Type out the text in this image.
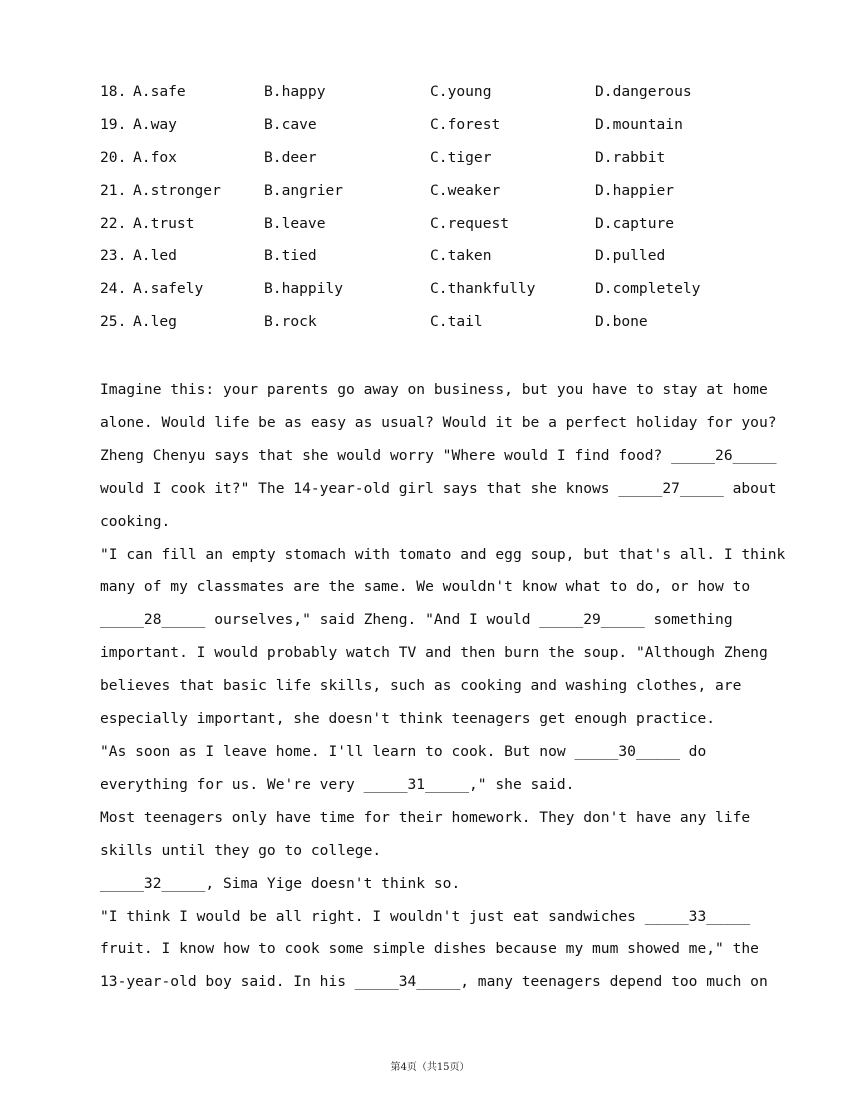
18. A.safe	B.happy	C.young	D.dangerous
19. A.way	B.cave	C.forest	D.mountain
20. A.fox	B.deer	C.tiger	D.rabbit
21. A.stronger	B.angrier	C.weaker	D.happier
22. A.trust	B.leave	C.request	D.capture
23. A.led	B.tied	C.taken	D.pulled
24. A.safely	B.happily	C.thankfully	D.completely
25. A.leg	B.rock	C.tail	D.bone

Imagine this: your parents go away on business, but you have to stay at home

alone. Would life be as easy as usual? Would it be a perfect holiday for you?

Zheng Chenyu says that she would worry "Where would I find food? _____26_____

would I cook it?" The 14-year-old girl says that she knows _____27_____ about

cooking.

"I can fill an empty stomach with tomato and egg soup, but that's all. I think

many of my classmates are the same. We wouldn't know what to do, or how to

_____28_____ ourselves," said Zheng. "And I would _____29_____ something

important. I would probably watch TV and then burn the soup. "Although Zheng

believes that basic life skills, such as cooking and washing clothes, are

especially important, she doesn't think teenagers get enough practice.

"As soon as I leave home. I'll learn to cook. But now _____30_____ do

everything for us. We're very _____31_____," she said.

Most teenagers only have time for their homework. They don't have any life

skills until they go to college.

_____32_____, Sima Yige doesn't think so.

"I think I would be all right. I wouldn't just eat sandwiches _____33_____

fruit. I know how to cook some simple dishes because my mum showed me," the

13-year-old boy said. In his _____34_____, many teenagers depend too much on

第4页（共15页）
